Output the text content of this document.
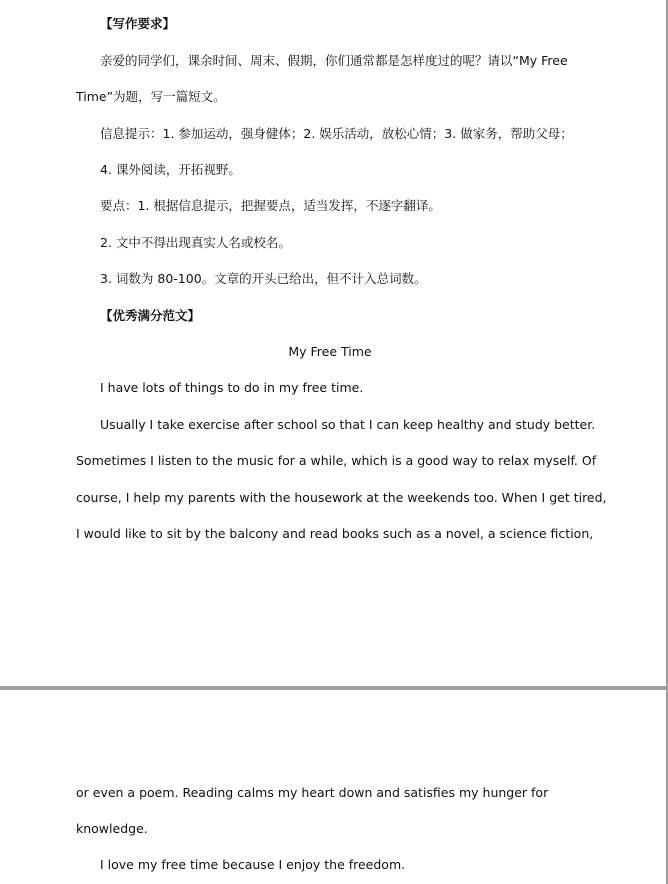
【写作要求】
亲爱的同学们，课余时间、周末、假期，你们通常都是怎样度过的呢？请以“My Free
Time”为题，写一篇短文。
信息提示：1. 参加运动，强身健体；2. 娱乐活动，放松心情；3. 做家务，帮助父母；
4. 课外阅读，开拓视野。
要点：1. 根据信息提示，把握要点，适当发挥，不逐字翻译。
2. 文中不得出现真实人名或校名。
3. 词数为 80-100。文章的开头已给出，但不计入总词数。
【优秀满分范文】
My Free Time
I have lots of things to do in my free time.
Usually I take exercise after school so that I can keep healthy and study better.
Sometimes I listen to the music for a while, which is a good way to relax myself. Of
course, I help my parents with the housework at the weekends too. When I get tired,
I would like to sit by the balcony and read books such as a novel, a science fiction,
or even a poem. Reading calms my heart down and satisfies my hunger for
knowledge.
I love my free time because I enjoy the freedom.
